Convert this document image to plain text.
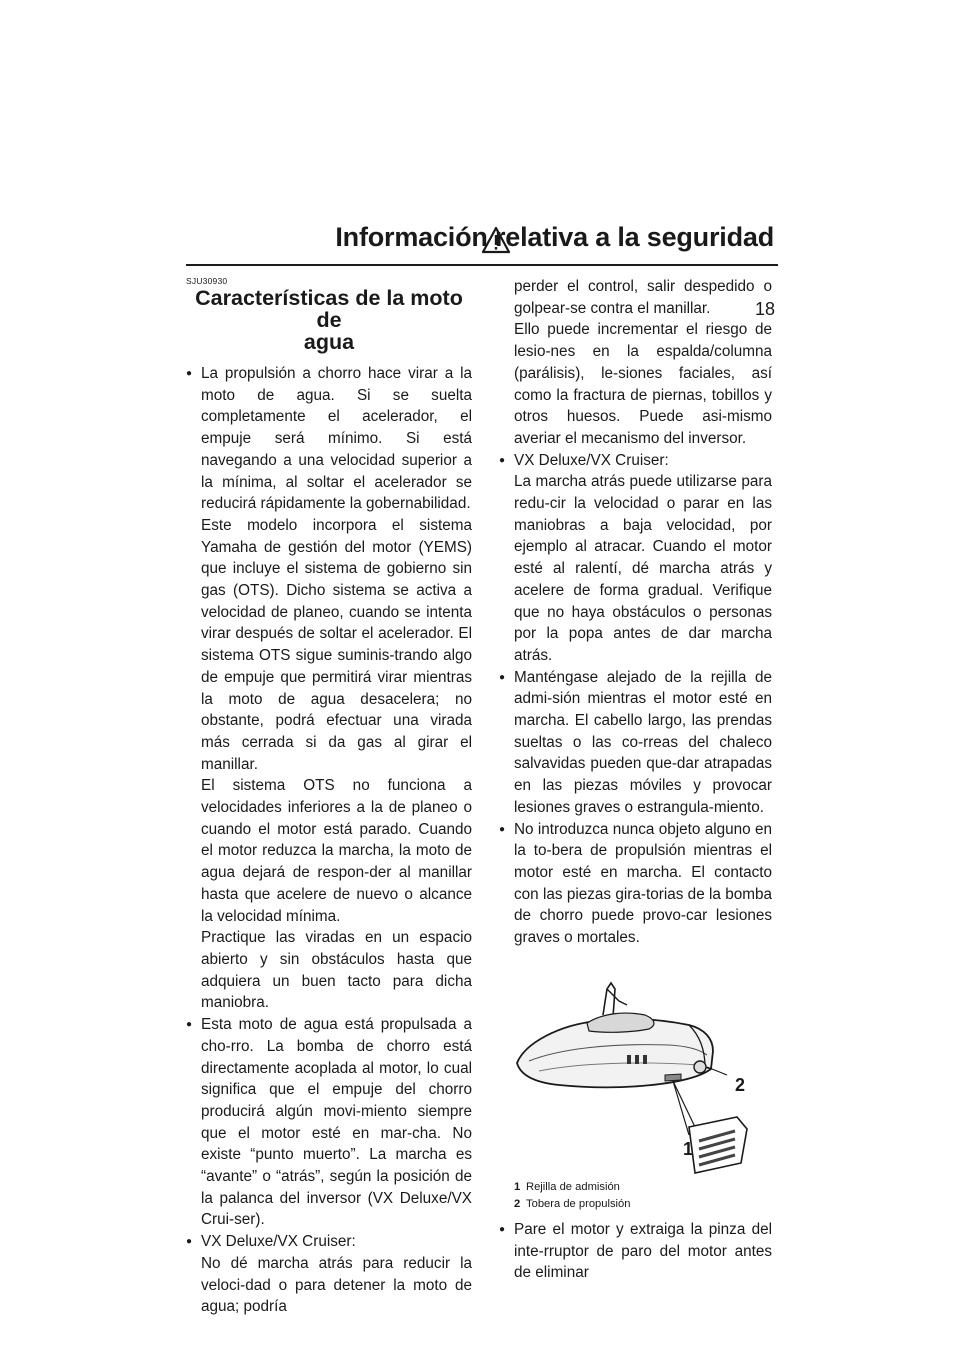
Información relativa a la seguridad
18
SJU30930
Características de la moto de
agua
● La propulsión a chorro hace virar a la moto de agua. Si se suelta completamente el acelerador, el empuje será mínimo. Si está navegando a una velocidad superior a la mínima, al soltar el acelerador se reducirá rápidamente la gobernabilidad.
Este modelo incorpora el sistema Yamaha de gestión del motor (YEMS) que incluye el sistema de gobierno sin gas (OTS). Dicho sistema se activa a velocidad de planeo, cuando se intenta virar después de soltar el acelerador. El sistema OTS sigue suminis-trando algo de empuje que permitirá virar mientras la moto de agua desacelera; no obstante, podrá efectuar una virada más cerrada si da gas al girar el manillar.
El sistema OTS no funciona a velocidades inferiores a la de planeo o cuando el motor está parado. Cuando el motor reduzca la marcha, la moto de agua dejará de respon-der al manillar hasta que acelere de nuevo o alcance la velocidad mínima.
Practique las viradas en un espacio abierto y sin obstáculos hasta que adquiera un buen tacto para dicha maniobra.
● Esta moto de agua está propulsada a cho-rro. La bomba de chorro está directamente acoplada al motor, lo cual significa que el empuje del chorro producirá algún movi-miento siempre que el motor esté en mar-cha. No existe “punto muerto”. La marcha es “avante” o “atrás”, según la posición de la palanca del inversor (VX Deluxe/VX Crui-ser).
● VX Deluxe/VX Cruiser:
No dé marcha atrás para reducir la veloci-dad o para detener la moto de agua; podría
perder el control, salir despedido o golpear-se contra el manillar.
Ello puede incrementar el riesgo de lesio-nes en la espalda/columna (parálisis), le-siones faciales, así como la fractura de piernas, tobillos y otros huesos. Puede asi-mismo averiar el mecanismo del inversor.
● VX Deluxe/VX Cruiser:
La marcha atrás puede utilizarse para redu-cir la velocidad o parar en las maniobras a baja velocidad, por ejemplo al atracar. Cuando el motor esté al ralentí, dé marcha atrás y acelere de forma gradual. Verifique que no haya obstáculos o personas por la popa antes de dar marcha atrás.
● Manténgase alejado de la rejilla de admi-sión mientras el motor esté en marcha. El cabello largo, las prendas sueltas o las co-rreas del chaleco salvavidas pueden que-dar atrapadas en las piezas móviles y provocar lesiones graves o estrangula-miento.
● No introduzca nunca objeto alguno en la to-bera de propulsión mientras el motor esté en marcha. El contacto con las piezas gira-torias de la bomba de chorro puede provo-car lesiones graves o mortales.
1
2
1 Rejilla de admisión
2 Tobera de propulsión
● Pare el motor y extraiga la pinza del inte-rruptor de paro del motor antes de eliminar
